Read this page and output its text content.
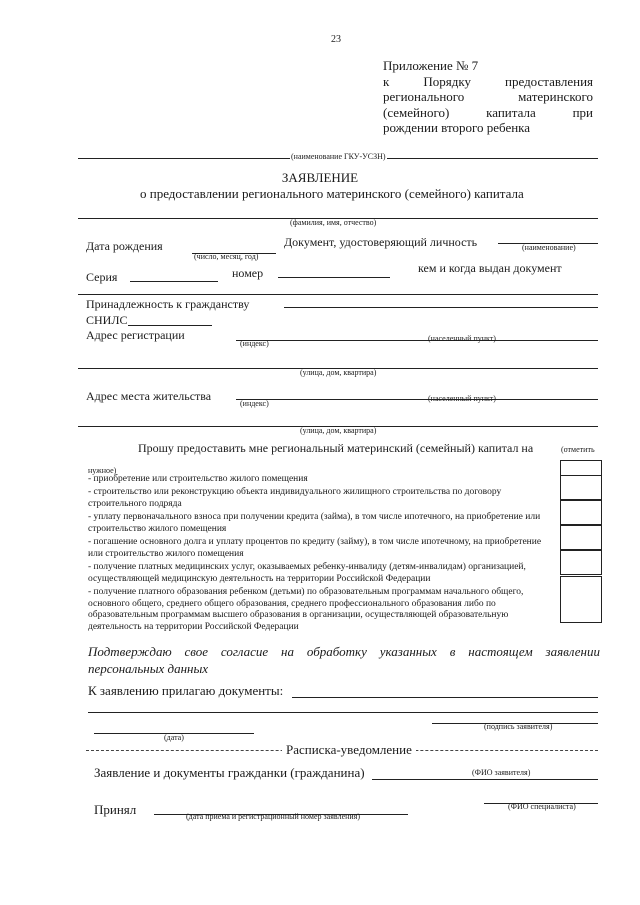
23
Приложение № 7
к Порядку предоставления
регионального материнского
(семейного) капитала при
рождении второго ребенка
(наименование ГКУ-УСЗН)
ЗАЯВЛЕНИЕ
о предоставлении регионального материнского (семейного) капитала
(фамилия, имя, отчество)
Дата рождения
(число, месяц, год)
Документ, удостоверяющий личность	(наименование)
Серия	номер	кем и когда выдан документ
Принадлежность к гражданству
СНИЛС
Адрес регистрации
(индекс)
(населенный пункт)
(улица, дом, квартира)
Адрес места жительства
(индекс)
(населенный пункт)
(улица, дом, квартира)
Прошу предоставить мне региональный материнский (семейный) капитал на	(отметить
нужное)
- приобретение или строительство жилого помещения
- строительство или реконструкцию объекта индивидуального жилищного строительства по договору строительного подряда
- уплату первоначального взноса при получении кредита (займа), в том числе ипотечного, на приобретение или строительство жилого помещения
- погашение основного долга и уплату процентов по кредиту (займу), в том числе ипотечному, на приобретение или строительство жилого помещения
- получение платных медицинских услуг, оказываемых ребенку-инвалиду (детям-инвалидам) организацией, осуществляющей медицинскую деятельность на территории Российской Федерации
- получение платного образования ребенком (детьми) по образовательным программам начального общего, основного общего, среднего общего образования, среднего профессионального образования либо по образовательным программам высшего образования в организации, осуществляющей образовательную деятельность на территории Российской Федерации
Подтверждаю свое согласие на обработку указанных в настоящем заявлении персональных данных
К заявлению прилагаю документы:
(подпись заявителя)
(дата)
Расписка-уведомление
Заявление и документы гражданки (гражданина)	(ФИО заявителя)
Принял	(дата приема и регистрационный номер заявления)
(ФИО специалиста)
